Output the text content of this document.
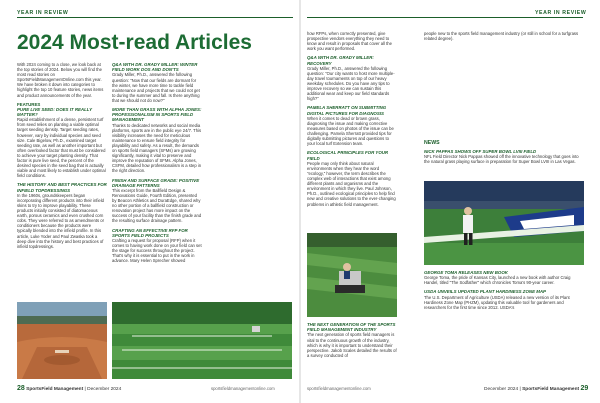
YEAR IN REVIEW	YEAR IN REVIEW
2024 Most-read Articles

With 2024 coming to a close, we look back at the top stories of 2024. Below you will find the most read stories on SportsFieldManagementOnline.com this year. We have broken it down into categories to highlight the top 10 feature stories, news items and product announcements of the year.

FEATURES
PURE LIVE SEED: DOES IT REALLY MATTER?

Rapid establishment of a dense, persistent turf from seed relies on planting a viable optimal target seeding density. Target seeding rates, however, vary by individual species and seed size. Cale Bigelow, Ph.D., examined target seeding rate, as well as another important but often overlooked factor that must be considered to achieve your target planting density. That factor is pure live seed, the percent of the desired species in the seed bag that is actually viable and most likely to establish under optimal field conditions.

THE HISTORY AND BEST PRACTICES FOR INFIELD TOPDRESSINGS

In the 1960s, groundskeepers began incorporating different products into their infield skins to try to improve playability. These products initially consisted of diatomaceous earth, porous ceramics and even crushed corn cobs. They were referred to as amendments or conditioners because the products were typically blended into the infield profile. In this article, Luke Yoder and Paul Zwaska took a deep dive into the history and best practices of infield topdressings.

Q&A WITH DR. GRADY MILLER: WINTER FIELD WORK DOS AND DON'TS

Grady Miller, Ph.D., answered the following question: "Now that our fields are dormant for the winter, we have more time to tackle field maintenance and projects that we could not get to during the summer and fall. Is there anything that we should not do now?"

MORE THAN GRASS WITH ALPHA JONES: PROFESSIONALISM IN SPORTS FIELD MANAGEMENT

Thanks to dedicated networks and social media platforms, sports are in the public eye 24/7. This visibility increases the need for meticulous maintenance to ensure field integrity for playability and safety. As a result, the demands on sports field managers (SFMs) are growing significantly, making it vital to preserve and improve the reputation of SFMs. Alpha Jones, CSFM, detailed how professionalism is a step in the right direction.

FINISH AND SURFACE GRADE: POSITIVE DRAINAGE PATTERNS

This excerpt from the Ballfield Design & Renovations Guide, Fourth Edition, presented by Beacon Athletics and DuraEdge, shared why no other portion of a ballfield construction or renovation project has more impact on the success of your facility than the finish grade and the resulting surface drainage pattern.

CRAFTING AN EFFECTIVE RFP FOR SPORTS FIELD PROJECTS

Crafting a request for proposal (RFP) when it comes to having work done on your field can set the stage for success throughout the project. That's why it is essential to put in the work in advance. Mary Helen Sprecher showed

how RFPs, when correctly presented, give prospective vendors everything they need to know and result in proposals that cover all the work you want performed.

Q&A WITH DR. GRADY MILLER: RECOVERY

Grady Miller, Ph.D., answered the following question: "Our city wants to host more multiple-day travel tournaments on top of our heavy weekday schedules. Do you have any tips to improve recovery so we can sustain this additional wear and keep our field standards high?"

PAMELA SHERRATT ON SUBMITTING DIGITAL PICTURES FOR DIAGNOSIS

When it comes to dead or brown grass, diagnosing the issue and making corrective measures based on photos of the issue can be challenging. Pamela Sherratt provided tips for digitally submitting pictures and questions to your local turf Extension team.

ECOLOGICAL PRINCIPLES FOR YOUR FIELD

People may only think about natural environments when they hear the word "ecology," however, the term describes the complex web of interactions that exist among different plants and organisms and the environment in which they live. Paul Johnson, Ph.D., outlined ecological principles to help find new and creative solutions to the ever-changing problems in athletic field management.

THE NEXT GENERATION OF THE SPORTS FIELD MANAGEMENT INDUSTRY

The next generation of sports field managers is vital to the continuous growth of the industry, which is why it is important to understand their perspective. Jakob Scales detailed the results of a survey conducted of

people new to the sports field management industry (or still in school for a turfgrass related degree).

NEWS
NICK PAPPAS SHOWS OFF SUPER BOWL LVIII FIELD

NFL Field Director Nick Pappas showed off the innovative technology that goes into the natural grass playing surface in preparation for Super Bowl LVIII in Las Vegas.

GEORGE TOMA RELEASES NEW BOOK

George Toma, the pride of Kansas City, launched a new book with author Craig Handel, titled "The Sodfather" which chronicles Toma's 90-year career.

USDA UNVEILS UPDATED PLANT HARDINESS ZONE MAP

The U.S. Department of Agriculture (USDA) released a new version of its Plant Hardiness Zone Map (PHZM), updating this valuable tool for gardeners and researchers for the first time since 2012. USDA's

28 SportsField Management | December 2024	sportsfieldmanagementonline.com	sportsfieldmanagementonline.com	December 2024 | SportsField Management 29
